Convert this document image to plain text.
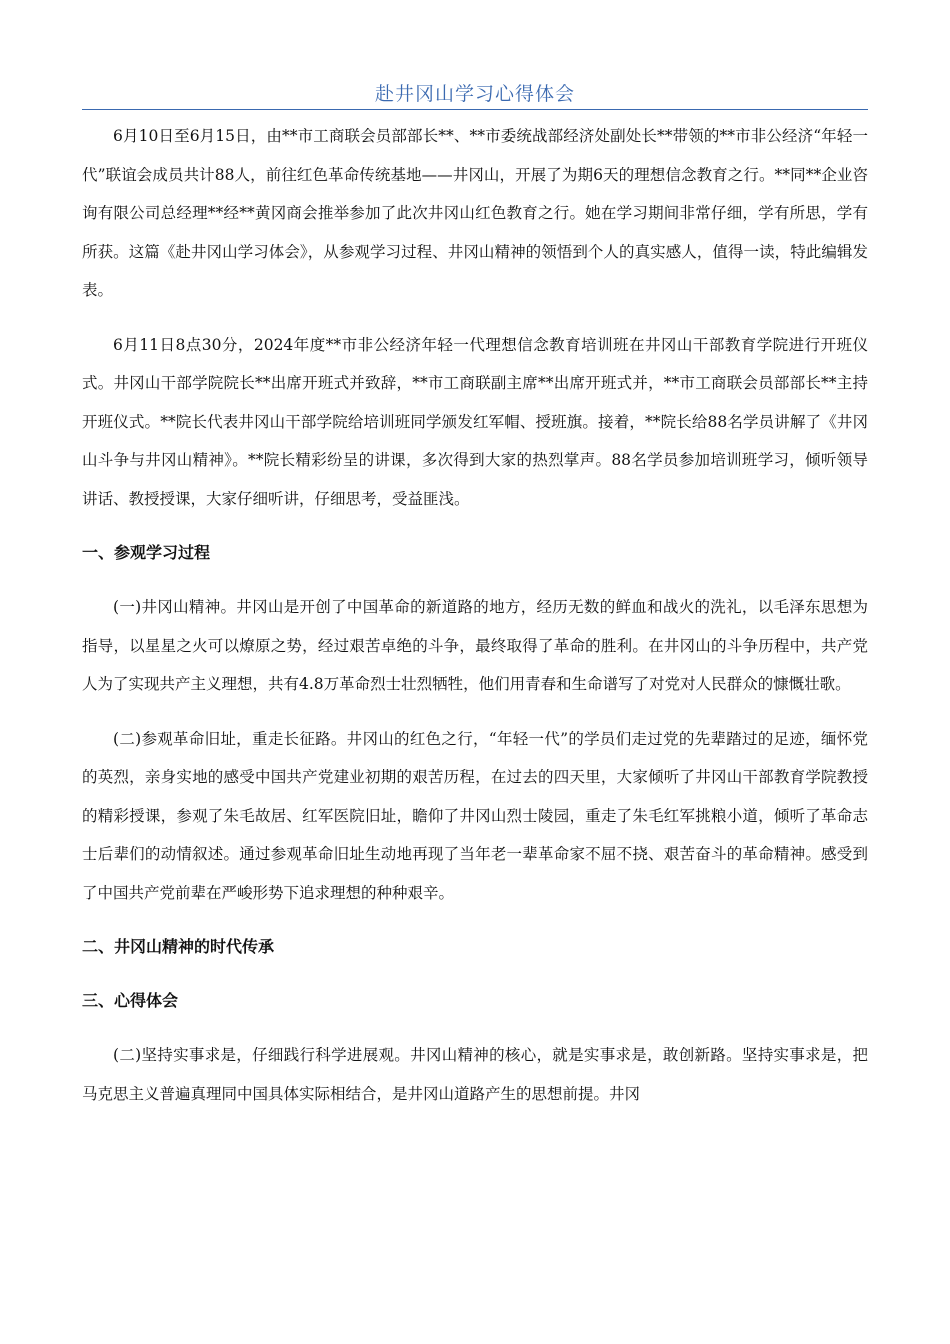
赴井冈山学习心得体会

6月10日至6月15日，由**市工商联会员部部长**、**市委统战部经济处副处长**带领的**市非公经济“年轻一代”联谊会成员共计88人，前往红色革命传统基地——井冈山，开展了为期6天的理想信念教育之行。**同**企业咨询有限公司总经理**经**黄冈商会推举参加了此次井冈山红色教育之行。她在学习期间非常仔细，学有所思，学有所获。这篇《赴井冈山学习体会》，从参观学习过程、井冈山精神的领悟到个人的真实感人，值得一读，特此编辑发表。

6月11日8点30分，2024年度**市非公经济年轻一代理想信念教育培训班在井冈山干部教育学院进行开班仪式。井冈山干部学院院长**出席开班式并致辞，**市工商联副主席**出席开班式并，**市工商联会员部部长**主持开班仪式。**院长代表井冈山干部学院给培训班同学颁发红军帽、授班旗。接着，**院长给88名学员讲解了《井冈山斗争与井冈山精神》。**院长精彩纷呈的讲课，多次得到大家的热烈掌声。88名学员参加培训班学习，倾听领导讲话、教授授课，大家仔细听讲，仔细思考，受益匪浅。

一、参观学习过程

(一)井冈山精神。井冈山是开创了中国革命的新道路的地方，经历无数的鲜血和战火的洗礼，以毛泽东思想为指导，以星星之火可以燎原之势，经过艰苦卓绝的斗争，最终取得了革命的胜利。在井冈山的斗争历程中，共产党人为了实现共产主义理想，共有4.8万革命烈士壮烈牺牲，他们用青春和生命谱写了对党对人民群众的慷慨壮歌。

(二)参观革命旧址，重走长征路。井冈山的红色之行，“年轻一代”的学员们走过党的先辈踏过的足迹，缅怀党的英烈，亲身实地的感受中国共产党建业初期的艰苦历程，在过去的四天里，大家倾听了井冈山干部教育学院教授的精彩授课，参观了朱毛故居、红军医院旧址，瞻仰了井冈山烈士陵园，重走了朱毛红军挑粮小道，倾听了革命志士后辈们的动情叙述。通过参观革命旧址生动地再现了当年老一辈革命家不屈不挠、艰苦奋斗的革命精神。感受到了中国共产党前辈在严峻形势下追求理想的种种艰辛。

二、井冈山精神的时代传承
三、心得体会

(二)坚持实事求是，仔细践行科学进展观。井冈山精神的核心，就是实事求是，敢创新路。坚持实事求是，把马克思主义普遍真理同中国具体实际相结合，是井冈山道路产生的思想前提。井冈
